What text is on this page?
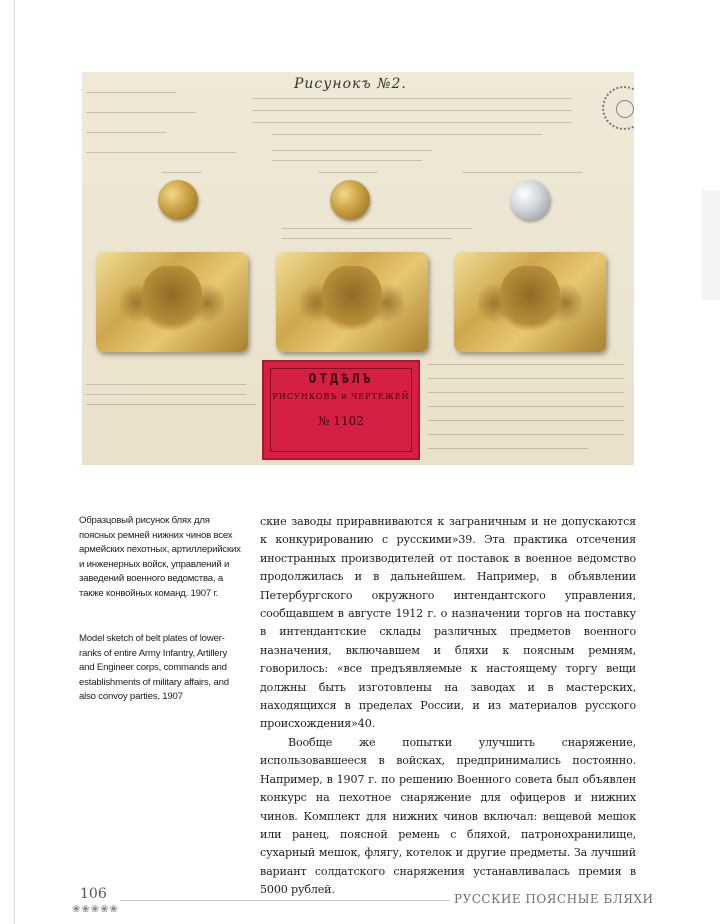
Рисунокъ №2.
ОТДѢЛЪ
РИСУНКОВЪ и ЧЕРТЕЖЕЙ
№ 1102

Образцовый рисунок блях для поясных ремней нижних чинов всех армейских пехотных, артиллерийских и инженерных войск, управлений и заведений военного ведомства, а также конвойных команд. 1907 г.

Model sketch of belt plates of lower-ranks of entire Army Infantry, Artillery and Engineer corps, commands and establishments of military affairs, and also convoy parties, 1907

ские заводы приравниваются к заграничным и не допускаются к конкурированию с русскими»39. Эта практика отсечения иностранных производителей от поставок в военное ведомство продолжилась и в дальнейшем. Например, в объявлении Петербургского окружного интендантского управления, сообщавшем в августе 1912 г. о назначении торгов на поставку в интендантские склады различных предметов военного назначения, включавшем и бляхи к поясным ремням, говорилось: «все предъявляемые к настоящему торгу вещи должны быть изготовлены на заводах и в мастерских, находящихся в пределах России, и из материалов русского происхождения»40.

Вообще же попытки улучшить снаряжение, использовавшееся в войсках, предпринимались постоянно. Например, в 1907 г. по решению Военного совета был объявлен конкурс на пехотное снаряжение для офицеров и нижних чинов. Комплект для нижних чинов включал: вещевой мешок или ранец, поясной ремень с бляхой, патронохранилище, сухарный мешок, флягу, котелок и другие предметы. За лучший вариант солдатского снаряжения устанавливалась премия в 5000 рублей.

106
❀❀❀❀❀
РУССКИЕ ПОЯСНЫЕ БЛЯХИ
